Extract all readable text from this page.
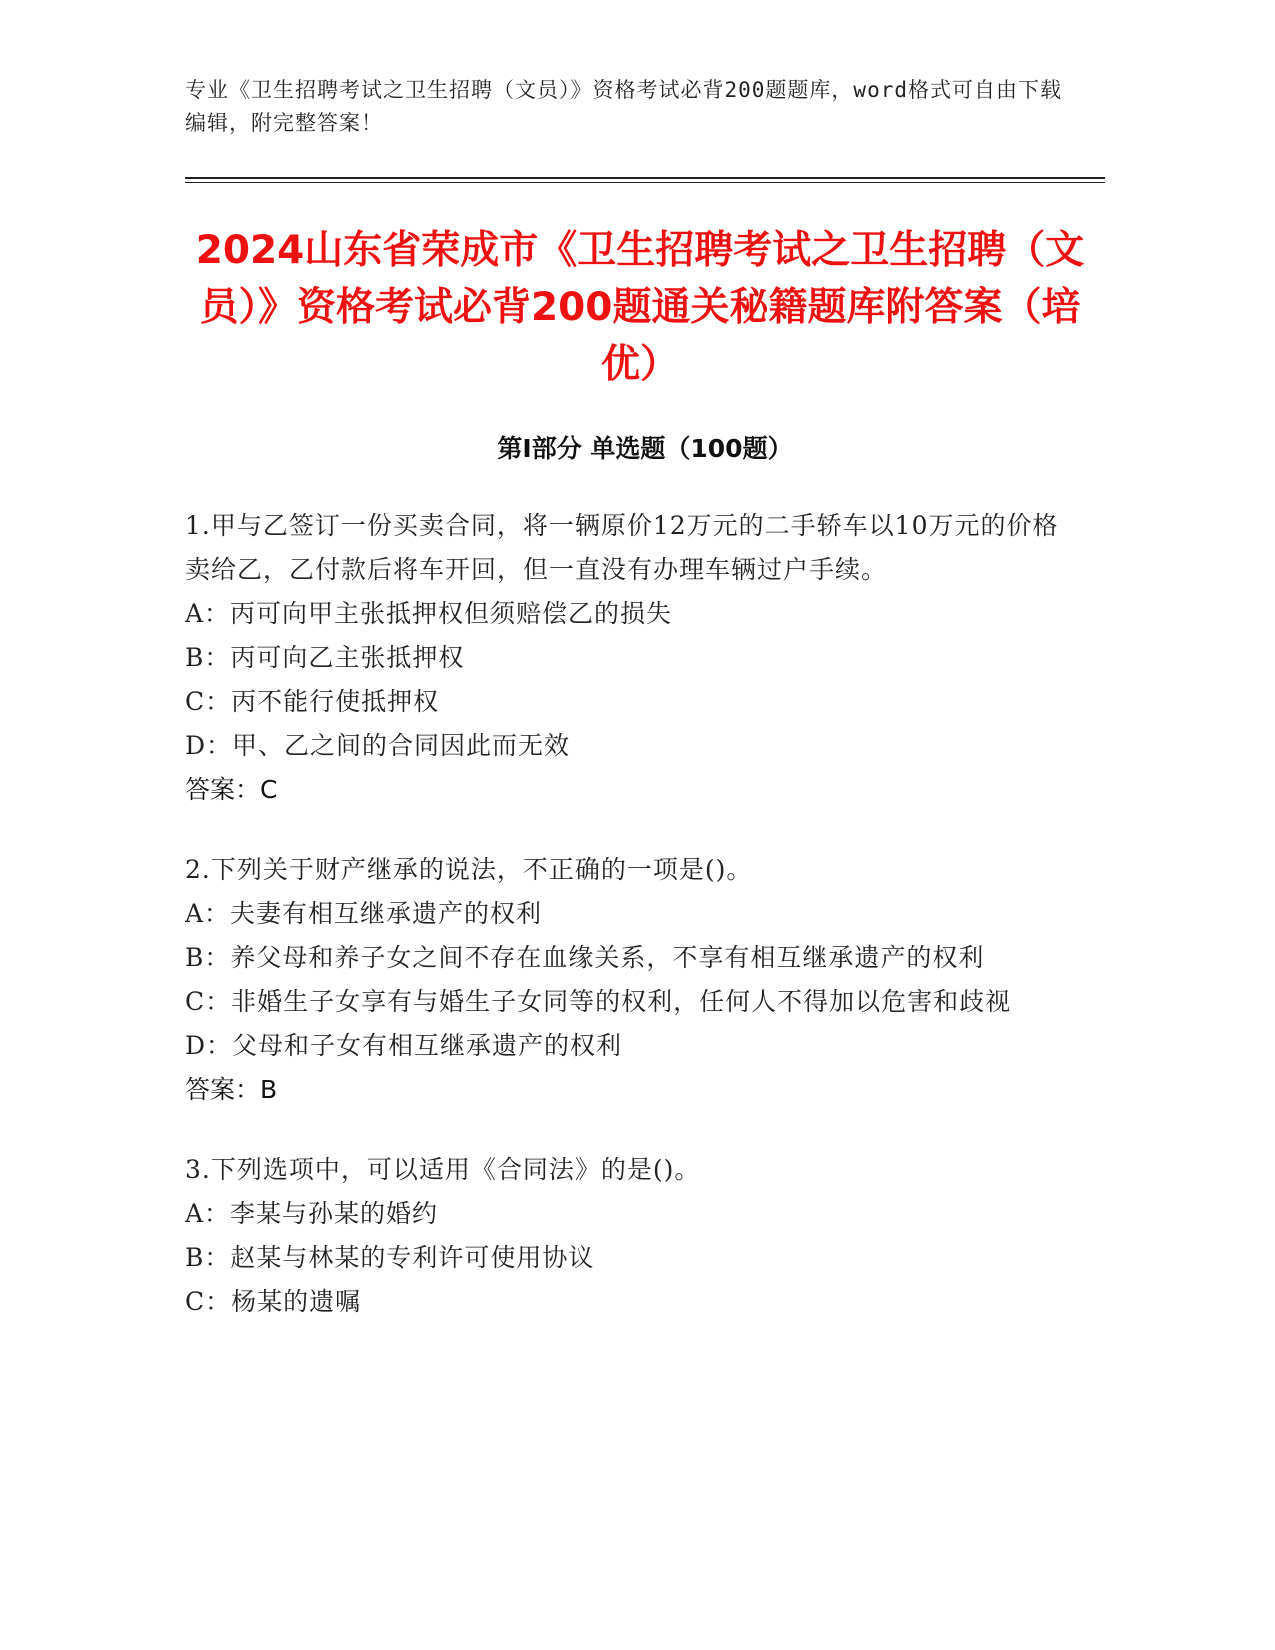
专业《卫生招聘考试之卫生招聘（文员）》资格考试必背200题题库，word格式可自由下载编辑，附完整答案！
2024山东省荣成市《卫生招聘考试之卫生招聘（文员）》资格考试必背200题通关秘籍题库附答案（培优）
第Ⅰ部分 单选题（100题）
1.甲与乙签订一份买卖合同，将一辆原价12万元的二手轿车以10万元的价格卖给乙，乙付款后将车开回，但一直没有办理车辆过户手续。
A：丙可向甲主张抵押权但须赔偿乙的损失
B：丙可向乙主张抵押权
C：丙不能行使抵押权
D：甲、乙之间的合同因此而无效
答案：C
2.下列关于财产继承的说法，不正确的一项是()。
A：夫妻有相互继承遗产的权利
B：养父母和养子女之间不存在血缘关系，不享有相互继承遗产的权利
C：非婚生子女享有与婚生子女同等的权利，任何人不得加以危害和歧视
D：父母和子女有相互继承遗产的权利
答案：B
3.下列选项中，可以适用《合同法》的是()。
A：李某与孙某的婚约
B：赵某与林某的专利许可使用协议
C：杨某的遗嘱
